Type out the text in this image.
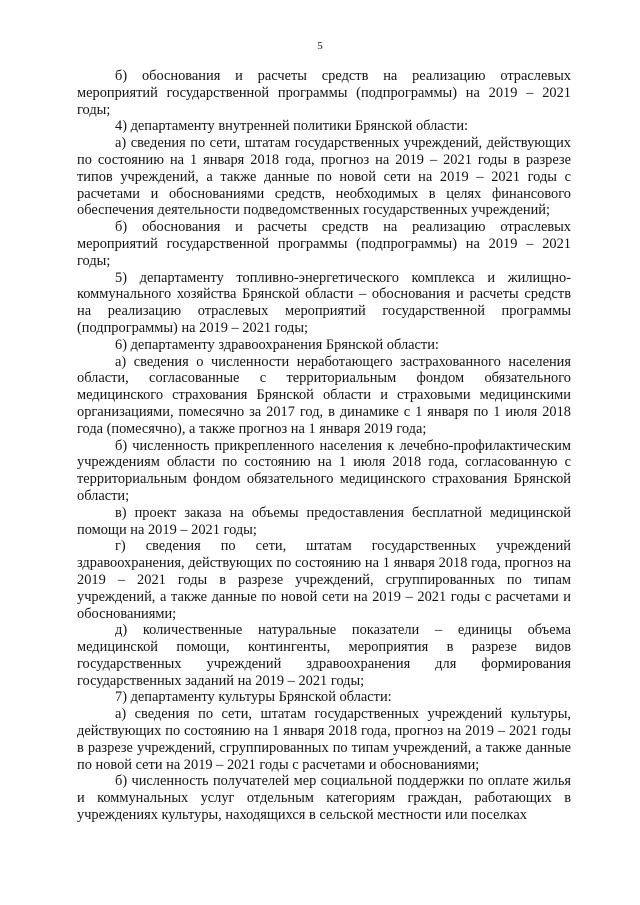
5

б) обоснования и расчеты средств на реализацию отраслевых мероприятий государственной программы (подпрограммы) на 2019 – 2021 годы;

4) департаменту внутренней политики Брянской области:

а) сведения по сети, штатам государственных учреждений, действующих по состоянию на 1 января 2018 года, прогноз на 2019 – 2021 годы в разрезе типов учреждений, а также данные по новой сети на 2019 – 2021 годы с расчетами и обоснованиями средств, необходимых в целях финансового обеспечения деятельности подведомственных государственных учреждений;

б) обоснования и расчеты средств на реализацию отраслевых мероприятий государственной программы (подпрограммы) на 2019 – 2021 годы;

5) департаменту топливно-энергетического комплекса и жилищно-коммунального хозяйства Брянской области – обоснования и расчеты средств на реализацию отраслевых мероприятий государственной программы (подпрограммы) на 2019 – 2021 годы;

6) департаменту здравоохранения Брянской области:

а) сведения о численности неработающего застрахованного населения области, согласованные с территориальным фондом обязательного медицинского страхования Брянской области и страховыми медицинскими организациями, помесячно за 2017 год, в динамике с 1 января по 1 июля 2018 года (помесячно), а также прогноз на 1 января 2019 года;

б) численность прикрепленного населения к лечебно-профилактическим учреждениям области по состоянию на 1 июля 2018 года, согласованную с территориальным фондом обязательного медицинского страхования Брянской области;

в) проект заказа на объемы предоставления бесплатной медицинской помощи на 2019 – 2021 годы;

г) сведения по сети, штатам государственных учреждений здравоохранения, действующих по состоянию на 1 января 2018 года, прогноз на 2019 – 2021 годы в разрезе учреждений, сгруппированных по типам учреждений, а также данные по новой сети на 2019 – 2021 годы с расчетами и обоснованиями;

д) количественные натуральные показатели – единицы объема медицинской помощи, контингенты, мероприятия в разрезе видов государственных учреждений здравоохранения для формирования государственных заданий на 2019 – 2021 годы;

7) департаменту культуры Брянской области:

а) сведения по сети, штатам государственных учреждений культуры, действующих по состоянию на 1 января 2018 года, прогноз на 2019 – 2021 годы в разрезе учреждений, сгруппированных по типам учреждений, а также данные по новой сети на 2019 – 2021 годы с расчетами и обоснованиями;

б) численность получателей мер социальной поддержки по оплате жилья и коммунальных услуг отдельным категориям граждан, работающих в учреждениях культуры, находящихся в сельской местности или поселках
